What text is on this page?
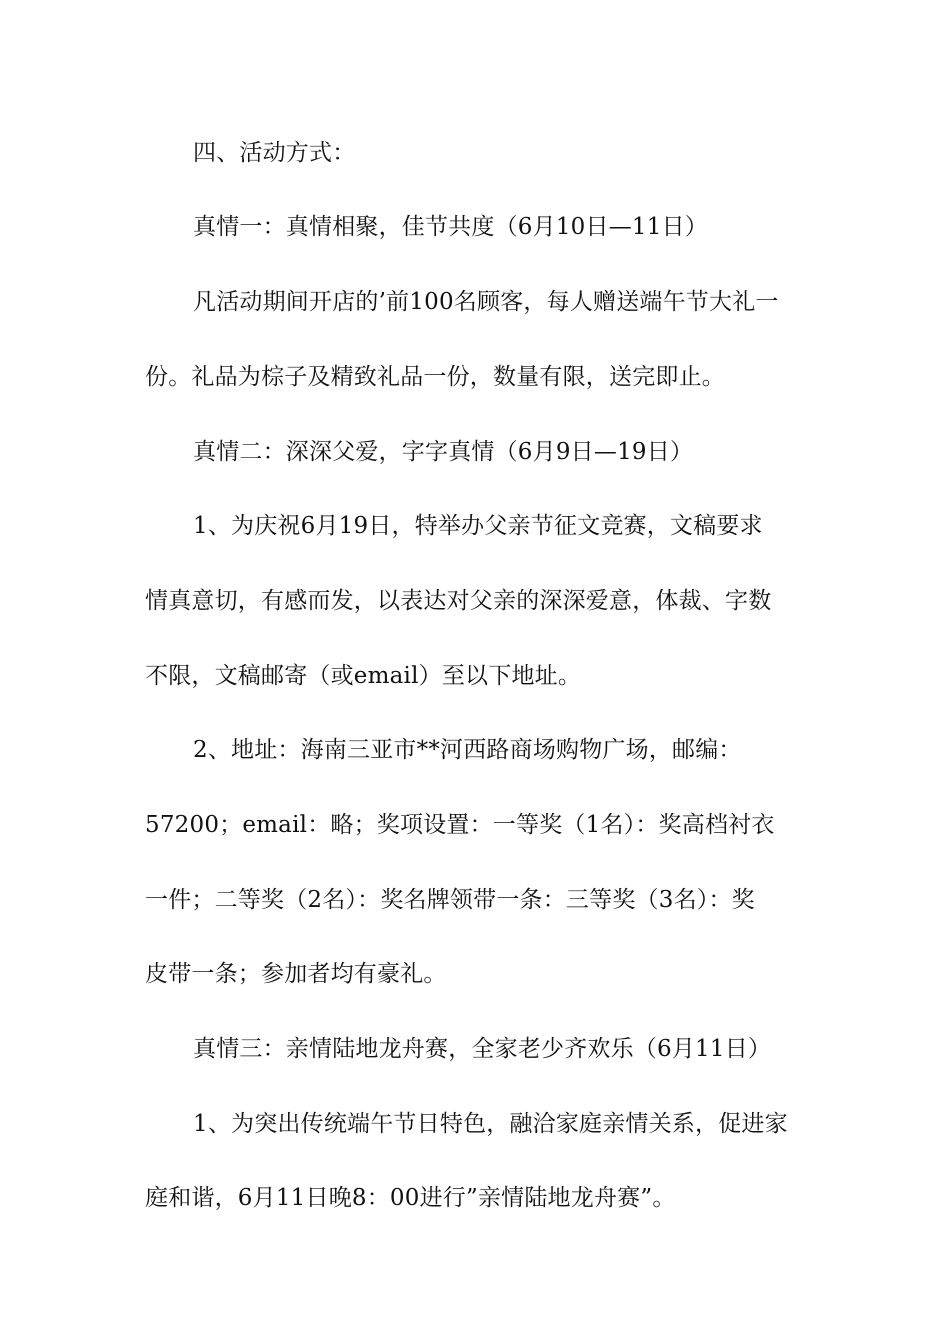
四、活动方式：
真情一：真情相聚，佳节共度（6月10日—11日）
凡活动期间开店的’前100名顾客，每人赠送端午节大礼一
份。礼品为棕子及精致礼品一份，数量有限，送完即止。
真情二：深深父爱，字字真情（6月9日—19日）
1、为庆祝6月19日，特举办父亲节征文竞赛，文稿要求
情真意切，有感而发，以表达对父亲的深深爱意，体裁、字数
不限，文稿邮寄（或email）至以下地址。
2、地址：海南三亚市**河西路商场购物广场，邮编：
57200；email：略；奖项设置：一等奖（1名）：奖高档衬衣
一件；二等奖（2名）：奖名牌领带一条：三等奖（3名）：奖
皮带一条；参加者均有豪礼。
真情三：亲情陆地龙舟赛，全家老少齐欢乐（6月11日）
1、为突出传统端午节日特色，融洽家庭亲情关系，促进家
庭和谐，6月11日晚8：00进行”亲情陆地龙舟赛”。
